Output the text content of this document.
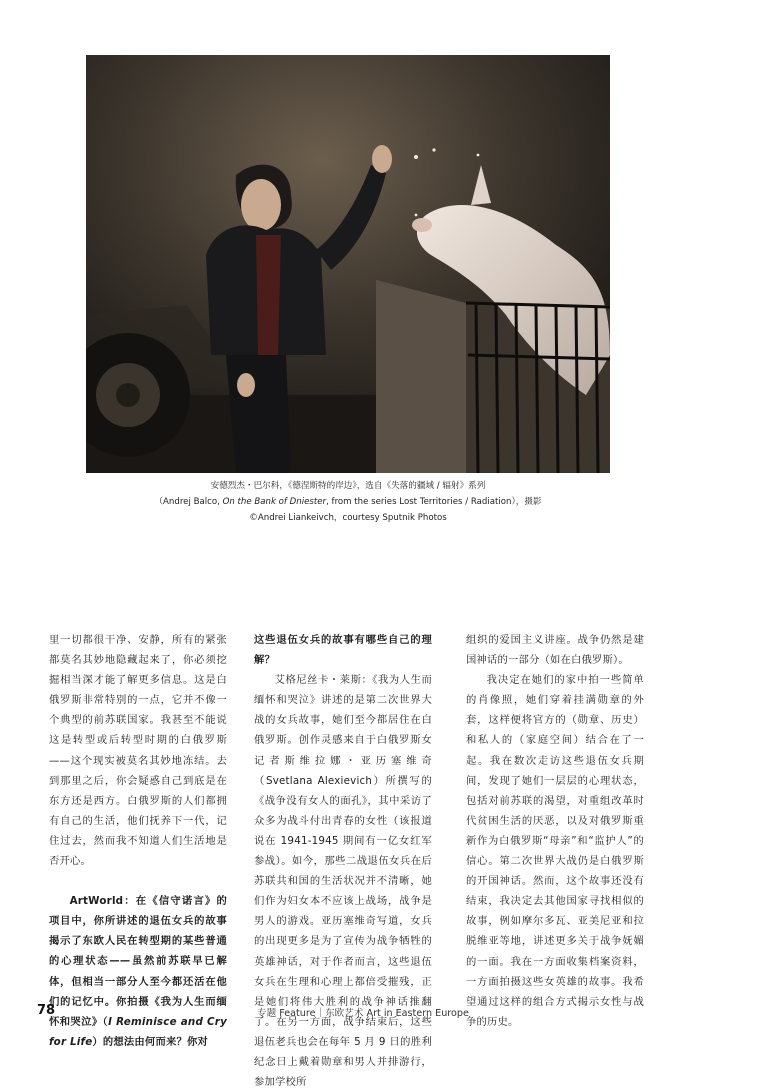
安德烈杰・巴尔科，《德涅斯特的岸边》，选自《失落的疆域 / 辐射》系列
（Andrej Balco, On the Bank of Dniester, from the series Lost Territories / Radiation），摄影
©Andrei Liankeivch，courtesy Sputnik Photos

里一切都很干净、安静，所有的紧张都莫名其妙地隐藏起来了，你必须挖掘相当深才能了解更多信息。这是白俄罗斯非常特别的一点，它并不像一个典型的前苏联国家。我甚至不能说这是转型或后转型时期的白俄罗斯——这个现实被莫名其妙地冻结。去到那里之后，你会疑惑自己到底是在东方还是西方。白俄罗斯的人们都拥有自己的生活，他们抚养下一代，记住过去，然而我不知道人们生活地是否开心。

ArtWorld：在《信守诺言》的项目中，你所讲述的退伍女兵的故事揭示了东欧人民在转型期的某些普通的心理状态——虽然前苏联早已解体，但相当一部分人至今都还活在他们的记忆中。你拍摄《我为人生而缅怀和哭泣》（I Reminisce and Cry for Life）的想法由何而来？你对

这些退伍女兵的故事有哪些自己的理解？

艾格尼丝卡・莱斯：《我为人生而缅怀和哭泣》讲述的是第二次世界大战的女兵故事，她们至今都居住在白俄罗斯。创作灵感来自于白俄罗斯女记者斯维拉娜・亚历塞维奇（Svetlana Alexievich）所撰写的《战争没有女人的面孔》，其中采访了众多为战斗付出青春的女性（该报道说在 1941-1945 期间有一亿女红军参战）。如今，那些二战退伍女兵在后苏联共和国的生活状况并不清晰，她们作为妇女本不应该上战场，战争是男人的游戏。亚历塞维奇写道，女兵的出现更多是为了宣传为战争牺牲的英雄神话，对于作者而言，这些退伍女兵在生理和心理上都倍受摧残，正是她们将伟大胜利的战争神话推翻了。在另一方面，战争结束后，这些退伍老兵也会在每年 5 月 9 日的胜利纪念日上戴着勋章和男人并排游行，参加学校所

组织的爱国主义讲座。战争仍然是建国神话的一部分（如在白俄罗斯）。

我决定在她们的家中拍一些简单的肖像照，她们穿着挂满勋章的外套，这样便将官方的（勋章、历史）和私人的（家庭空间）结合在了一起。我在数次走访这些退伍女兵期间，发现了她们一层层的心理状态，包括对前苏联的渴望，对重组改革时代贫困生活的厌恶，以及对俄罗斯重新作为白俄罗斯“母亲”和“监护人”的信心。第二次世界大战仍是白俄罗斯的开国神话。然而，这个故事还没有结束，我决定去其他国家寻找相似的故事，例如摩尔多瓦、亚美尼亚和拉脱维亚等地，讲述更多关于战争妩媚的一面。我在一方面收集档案资料，一方面拍摄这些女英雄的故事。我希望通过这样的组合方式揭示女性与战争的历史。

78	专题 Feature｜东欧艺术 Art in Eastern Europe
